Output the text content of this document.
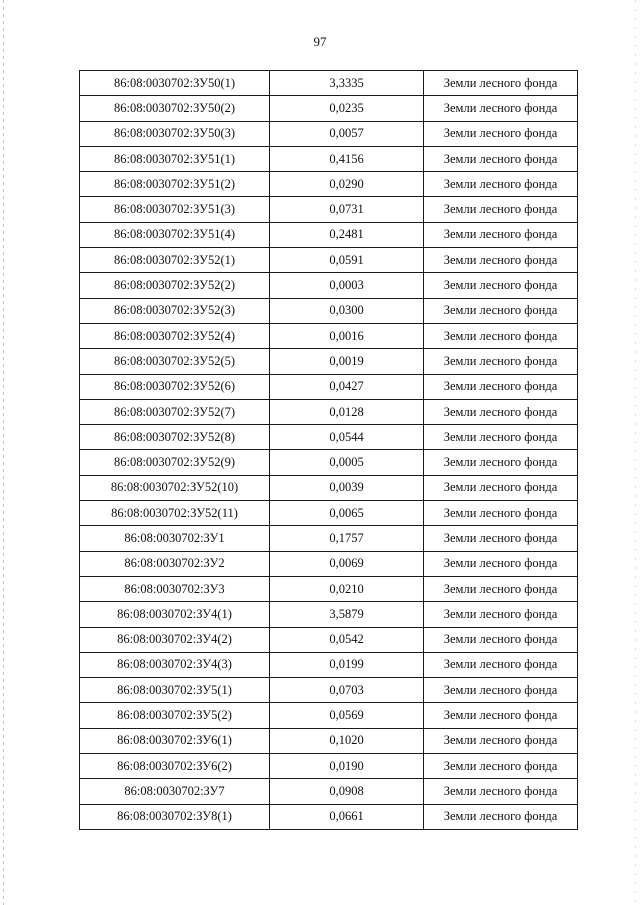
97
86:08:0030702:ЗУ50(1)	3,3335	Земли лесного фонда
86:08:0030702:ЗУ50(2)	0,0235	Земли лесного фонда
86:08:0030702:ЗУ50(3)	0,0057	Земли лесного фонда
86:08:0030702:ЗУ51(1)	0,4156	Земли лесного фонда
86:08:0030702:ЗУ51(2)	0,0290	Земли лесного фонда
86:08:0030702:ЗУ51(3)	0,0731	Земли лесного фонда
86:08:0030702:ЗУ51(4)	0,2481	Земли лесного фонда
86:08:0030702:ЗУ52(1)	0,0591	Земли лесного фонда
86:08:0030702:ЗУ52(2)	0,0003	Земли лесного фонда
86:08:0030702:ЗУ52(3)	0,0300	Земли лесного фонда
86:08:0030702:ЗУ52(4)	0,0016	Земли лесного фонда
86:08:0030702:ЗУ52(5)	0,0019	Земли лесного фонда
86:08:0030702:ЗУ52(6)	0,0427	Земли лесного фонда
86:08:0030702:ЗУ52(7)	0,0128	Земли лесного фонда
86:08:0030702:ЗУ52(8)	0,0544	Земли лесного фонда
86:08:0030702:ЗУ52(9)	0,0005	Земли лесного фонда
86:08:0030702:ЗУ52(10)	0,0039	Земли лесного фонда
86:08:0030702:ЗУ52(11)	0,0065	Земли лесного фонда
86:08:0030702:ЗУ1	0,1757	Земли лесного фонда
86:08:0030702:ЗУ2	0,0069	Земли лесного фонда
86:08:0030702:ЗУ3	0,0210	Земли лесного фонда
86:08:0030702:ЗУ4(1)	3,5879	Земли лесного фонда
86:08:0030702:ЗУ4(2)	0,0542	Земли лесного фонда
86:08:0030702:ЗУ4(3)	0,0199	Земли лесного фонда
86:08:0030702:ЗУ5(1)	0,0703	Земли лесного фонда
86:08:0030702:ЗУ5(2)	0,0569	Земли лесного фонда
86:08:0030702:ЗУ6(1)	0,1020	Земли лесного фонда
86:08:0030702:ЗУ6(2)	0,0190	Земли лесного фонда
86:08:0030702:ЗУ7	0,0908	Земли лесного фонда
86:08:0030702:ЗУ8(1)	0,0661	Земли лесного фонда
